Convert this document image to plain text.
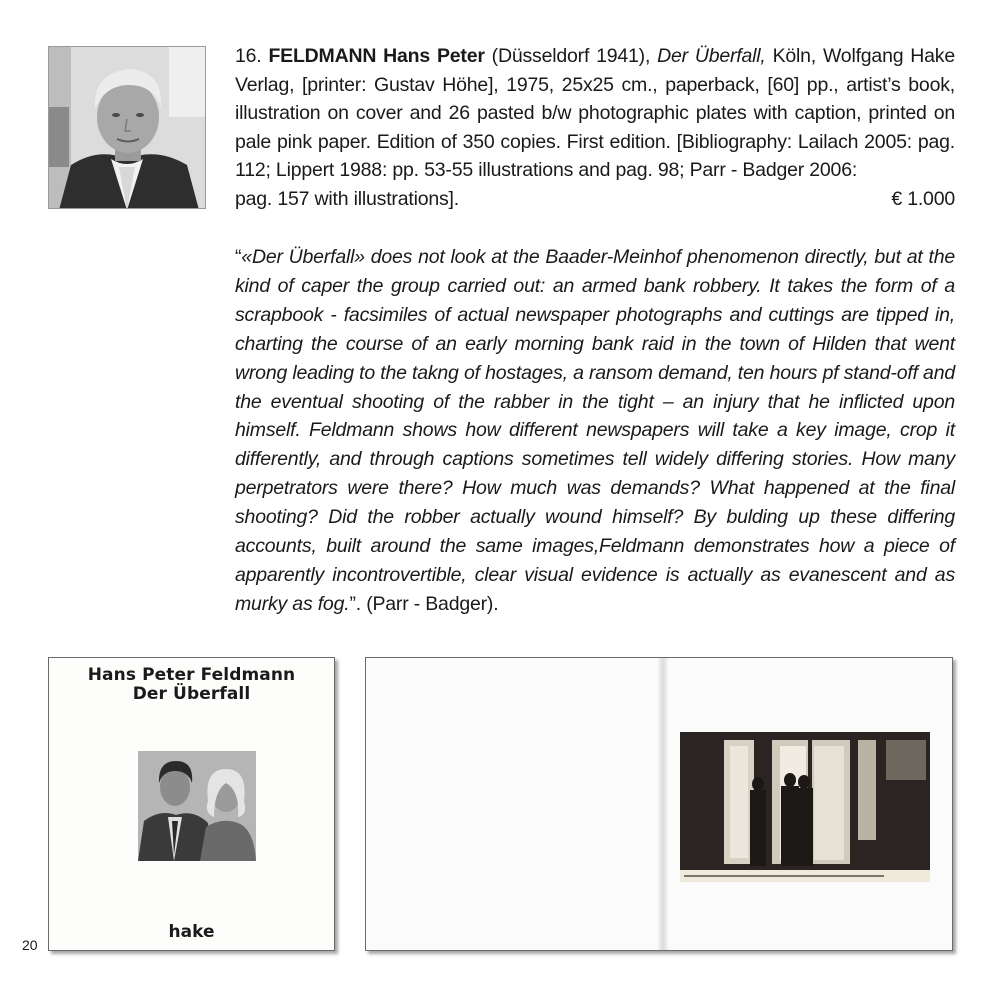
16. FELDMANN Hans Peter (Düsseldorf 1941), Der Überfall, Köln, Wolfgang Hake Verlag, [printer: Gustav Höhe], 1975, 25x25 cm., paperback, [60] pp., artist’s book, illustration on cover and 26 pasted b/w photographic plates with caption, printed on pale pink paper. Edition of 350 copies. First edition. [Bibliography: Lailach 2005: pag. 112; Lippert 1988: pp. 53-55 illustrations and pag. 98; Parr - Badger 2006:
pag. 157 with illustrations].	€ 1.000
“«Der Überfall» does not look at the Baader-Meinhof phenomenon directly, but at the kind of caper the group carried out: an armed bank robbery. It takes the form of a scrapbook - facsimiles of actual newspaper photographs and cuttings are tipped in, charting the course of an early morning bank raid in the town of Hilden that went wrong leading to the takng of hostages, a ransom demand, ten hours pf stand-off and the eventual shooting of the rabber in the tight – an injury that he inflicted upon himself. Feldmann shows how different newspapers will take a key image, crop it differently, and through captions sometimes tell widely differing stories. How many perpetrators were there? How much was demands? What happened at the final shooting? Did the robber actually wound himself? By bulding up these differing accounts, built around the same images,Feldmann demonstrates how a piece of apparently incontrovertible, clear visual evidence is actually as evanescent and as murky as fog.”. (Parr - Badger).
Hans Peter Feldmann
Der Überfall
hake
20
